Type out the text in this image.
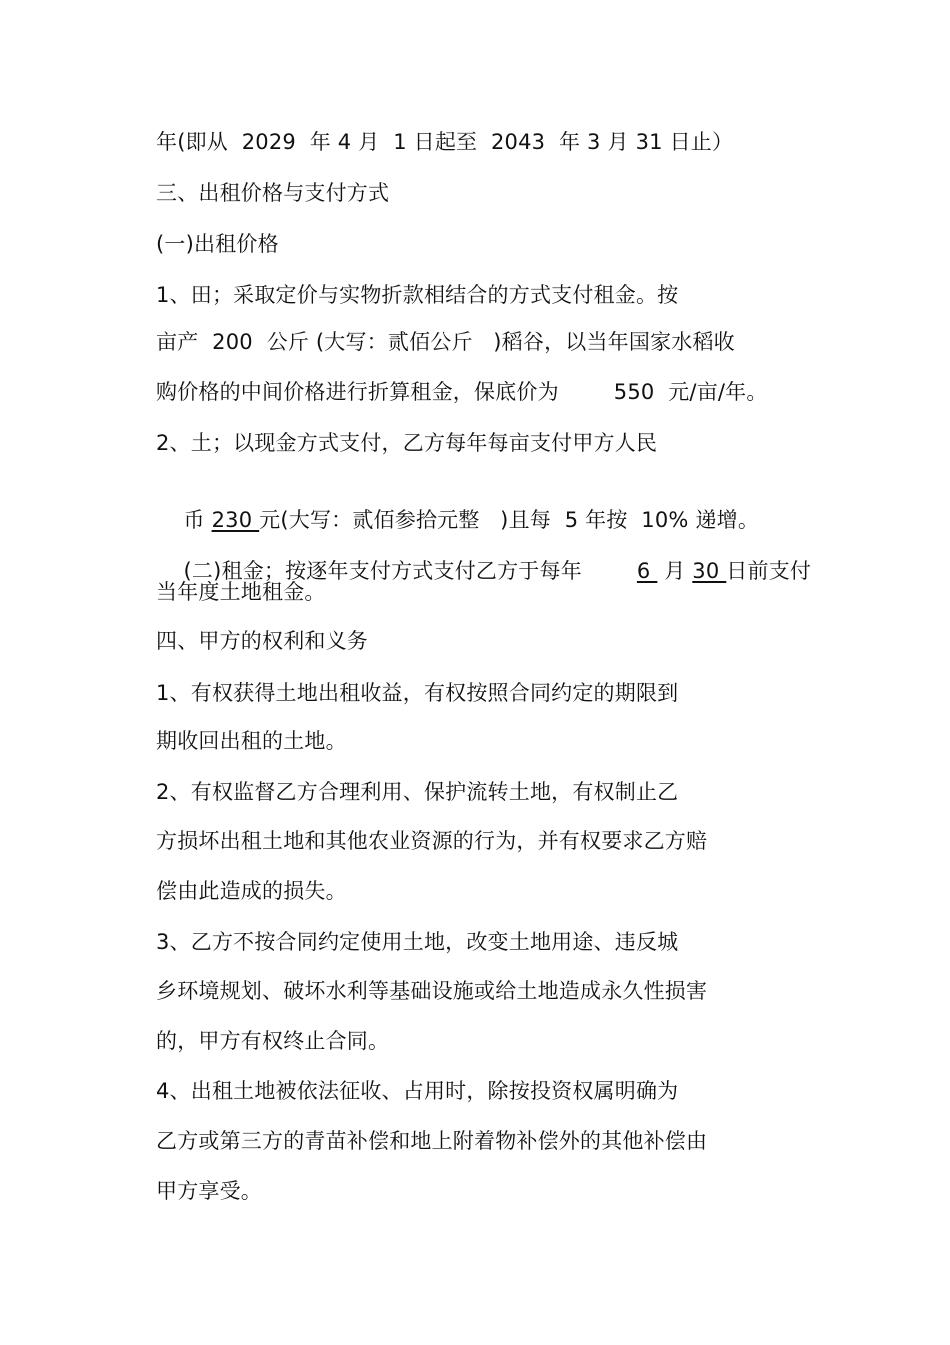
年(即从  2029  年 4 月  1 日起至  2043  年 3 月 31 日止）
三、出租价格与支付方式
(一)出租价格
1、田；采取定价与实物折款相结合的方式支付租金。按
亩产  200  公斤 (大写：贰佰公斤   )稻谷，以当年国家水稻收
购价格的中间价格进行折算租金，保底价为        550  元/亩/年。
2、土；以现金方式支付，乙方每年每亩支付甲方人民

币 230 元(大写：贰佰参拾元整   )且每  5 年按  10% 递增。

(二)租金；按逐年支付方式支付乙方于每年        6  月 30 日前支付

当年度土地租金。
四、甲方的权利和义务
1、有权获得土地出租收益，有权按照合同约定的期限到
期收回出租的土地。
2、有权监督乙方合理利用、保护流转土地，有权制止乙
方损坏出租土地和其他农业资源的行为，并有权要求乙方赔
偿由此造成的损失。
3、乙方不按合同约定使用土地，改变土地用途、违反城
乡环境规划、破坏水利等基础设施或给土地造成永久性损害
的，甲方有权终止合同。
4、出租土地被依法征收、占用时，除按投资权属明确为
乙方或第三方的青苗补偿和地上附着物补偿外的其他补偿由
甲方享受。
